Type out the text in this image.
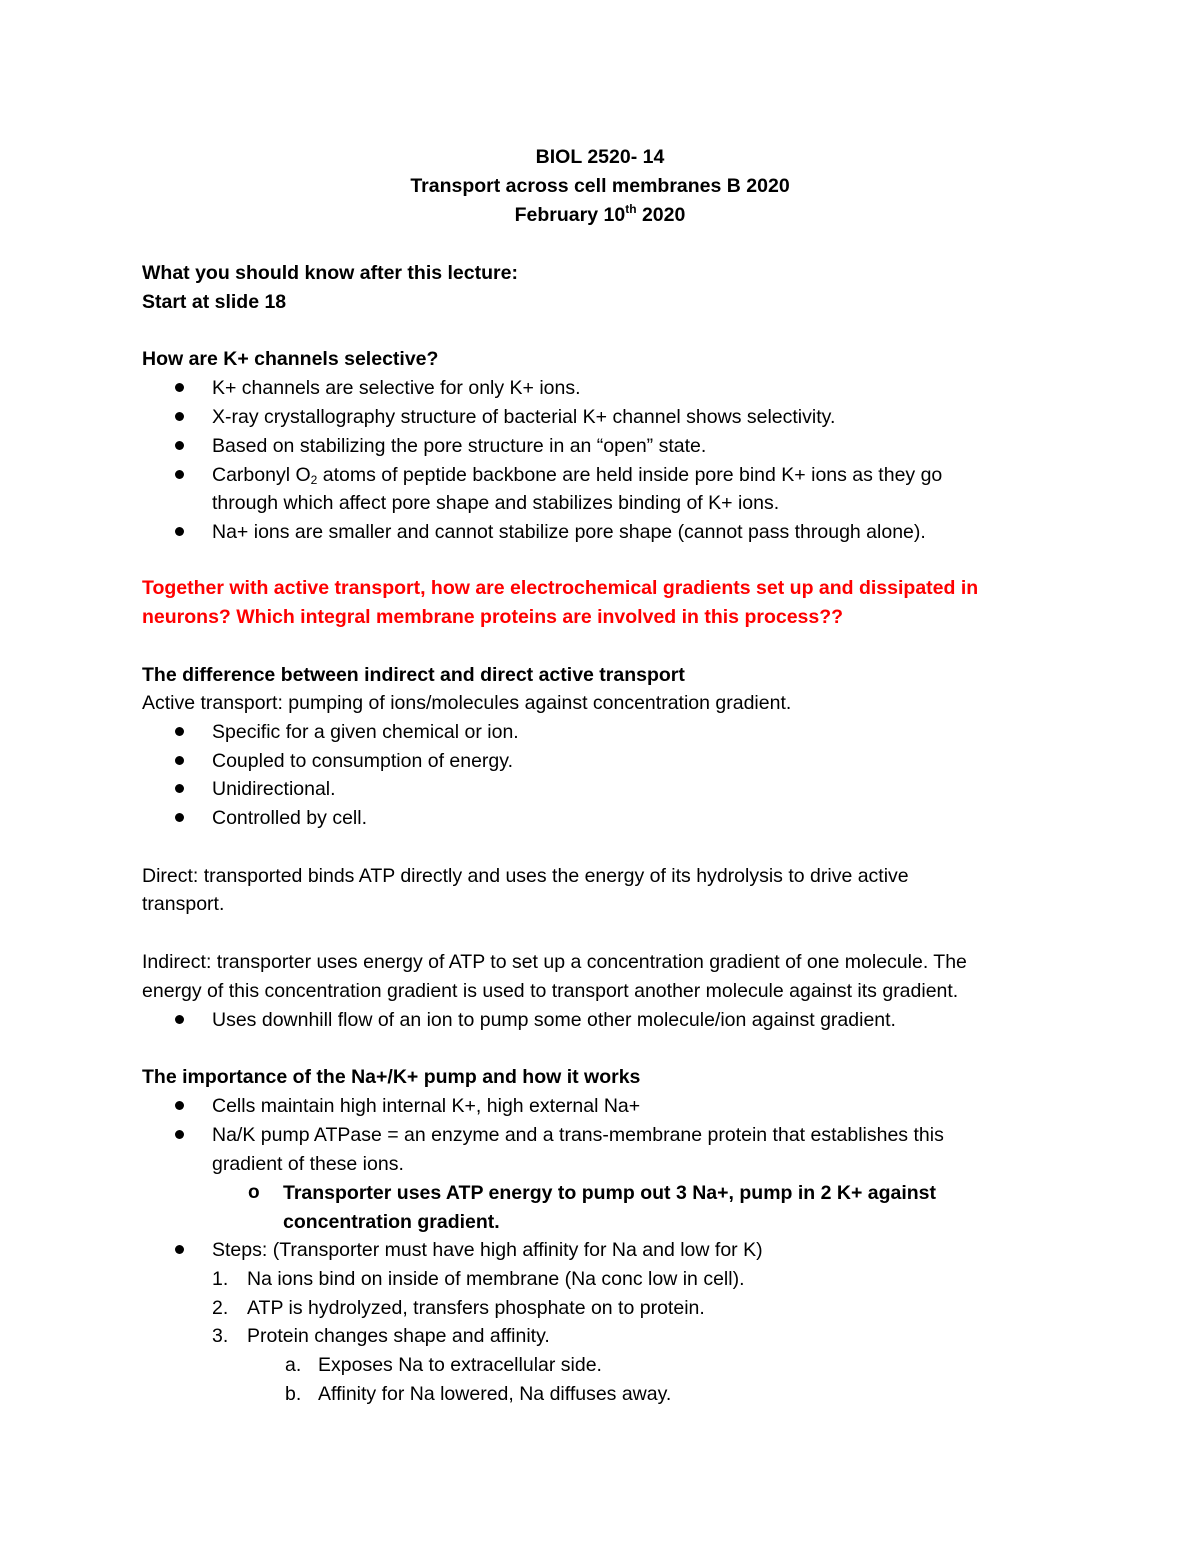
BIOL 2520- 14
Transport across cell membranes B 2020
February 10th 2020
What you should know after this lecture:
Start at slide 18
How are K+ channels selective?
K+ channels are selective for only K+ ions.
X-ray crystallography structure of bacterial K+ channel shows selectivity.
Based on stabilizing the pore structure in an “open” state.
Carbonyl $O_2$ atoms of peptide backbone are held inside pore bind K+ ions as they go
through which affect pore shape and stabilizes binding of K+ ions.
Na+ ions are smaller and cannot stabilize pore shape (cannot pass through alone).
Together with active transport, how are electrochemical gradients set up and dissipated in
neurons? Which integral membrane proteins are involved in this process??
The difference between indirect and direct active transport
Active transport: pumping of ions/molecules against concentration gradient.
Specific for a given chemical or ion.
Coupled to consumption of energy.
Unidirectional.
Controlled by cell.
Direct: transported binds ATP directly and uses the energy of its hydrolysis to drive active
transport.
Indirect: transporter uses energy of ATP to set up a concentration gradient of one molecule. The
energy of this concentration gradient is used to transport another molecule against its gradient.
Uses downhill flow of an ion to pump some other molecule/ion against gradient.
The importance of the Na+/K+ pump and how it works
Cells maintain high internal K+, high external Na+
Na/K pump ATPase = an enzyme and a trans-membrane protein that establishes this
gradient of these ions.
o Transporter uses ATP energy to pump out 3 Na+, pump in 2 K+ against
concentration gradient.
Steps: (Transporter must have high affinity for Na and low for K)
1. Na ions bind on inside of membrane (Na conc low in cell).
2. ATP is hydrolyzed, transfers phosphate on to protein.
3. Protein changes shape and affinity.
a. Exposes Na to extracellular side.
b. Affinity for Na lowered, Na diffuses away.
